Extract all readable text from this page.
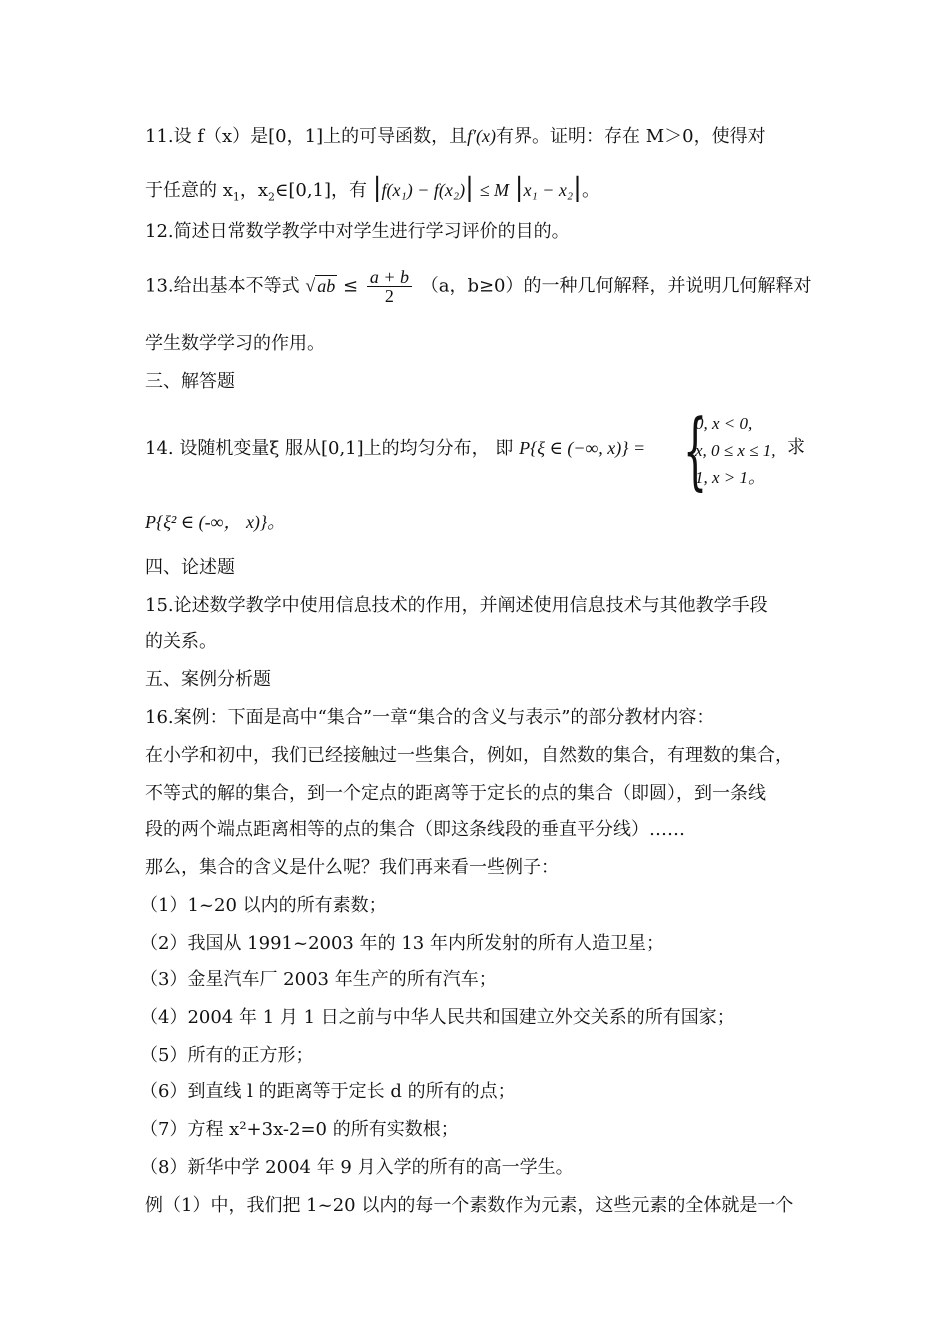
11.设 f（x）是[0，1]上的可导函数，且f′(x)有界。证明：存在 M＞0，使得对
于任意的 $x_1$，$x_2\in[0,1]$，有 |f(x₁) − f(x₂)| ≤ M |x₁ − x₂|。
12.简述日常数学教学中对学生进行学习评价的目的。
13.给出基本不等式 √ ab ≤ $\frac{a + b}{2} (a$，b≥0）的一种几何解释，并说明几何解释对
学生数学学习的作用。
三、解答题
14. 设随机变量ξ 服从[0,1]上的均匀分布， 即 P{ξ ∈ (−∞, x)} = {
0, x < 0,
x, 0 ≤ x ≤ 1,
1, x > 1。
求
P{ξ² ∈ (-∞， x)}。
四、论述题
15.论述数学教学中使用信息技术的作用，并阐述使用信息技术与其他教学手段
的关系。
五、案例分析题
16.案例：下面是高中“集合”一章“集合的含义与表示”的部分教材内容：
在小学和初中，我们已经接触过一些集合，例如，自然数的集合，有理数的集合，
不等式的解的集合，到一个定点的距离等于定长的点的集合（即圆），到一条线
段的两个端点距离相等的点的集合（即这条线段的垂直平分线）……
那么，集合的含义是什么呢？我们再来看一些例子：
（1）1~20 以内的所有素数；
（2）我国从 1991~2003 年的 13 年内所发射的所有人造卫星；
（3）金星汽车厂 2003 年生产的所有汽车；
（4）2004 年 1 月 1 日之前与中华人民共和国建立外交关系的所有国家；
（5）所有的正方形；
（6）到直线 l 的距离等于定长 d 的所有的点；
（7）方程 x²+3x-2=0 的所有实数根；
（8）新华中学 2004 年 9 月入学的所有的高一学生。
例（1）中，我们把 1~20 以内的每一个素数作为元素，这些元素的全体就是一个
